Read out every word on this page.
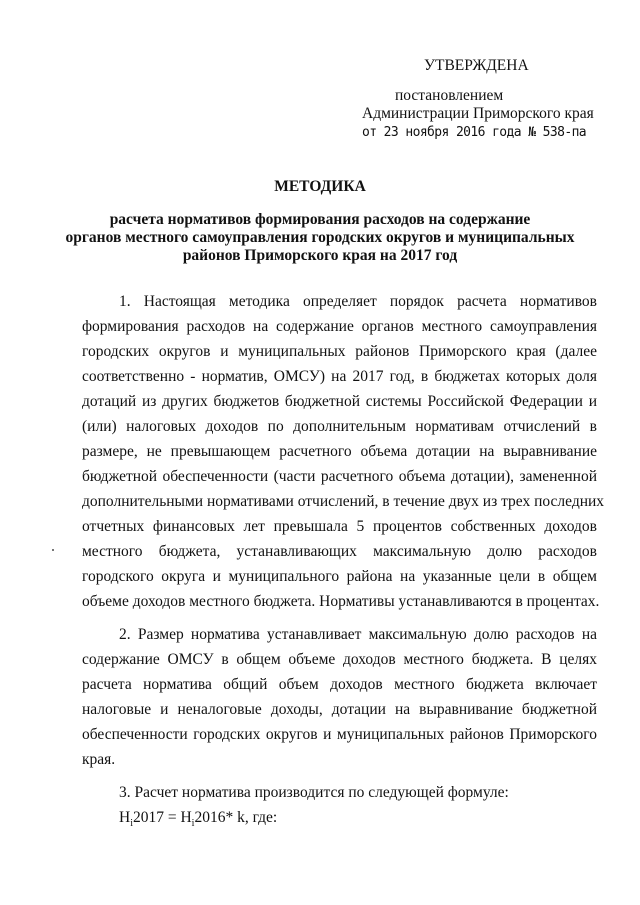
УТВЕРЖДЕНА
постановлением
Администрации Приморского края
от 23 ноября 2016 года № 538-па
МЕТОДИКА
расчета нормативов формирования расходов на содержание
органов местного самоуправления городских округов и муниципальных
районов Приморского края на 2017 год
1. Настоящая методика определяет порядок расчета нормативов
формирования расходов на содержание органов местного самоуправления
городских округов и муниципальных районов Приморского края (далее
соответственно - норматив, ОМСУ) на 2017 год, в бюджетах которых доля
дотаций из других бюджетов бюджетной системы Российской Федерации и
(или) налоговых доходов по дополнительным нормативам отчислений в
размере, не превышающем расчетного объема дотации на выравнивание
бюджетной обеспеченности (части расчетного объема дотации), замененной
дополнительными нормативами отчислений, в течение двух из трех последних
отчетных финансовых лет превышала 5 процентов собственных доходов
местного бюджета, устанавливающих максимальную долю расходов
городского округа и муниципального района на указанные цели в общем
объеме доходов местного бюджета. Нормативы устанавливаются в процентах.
2. Размер норматива устанавливает максимальную долю расходов на
содержание ОМСУ в общем объеме доходов местного бюджета. В целях
расчета норматива общий объем доходов местного бюджета включает
налоговые и неналоговые доходы, дотации на выравнивание бюджетной
обеспеченности городских округов и муниципальных районов Приморского
края.
3. Расчет норматива производится по следующей формуле:
$Н_i2017 = Н_i2016*$ k, где:
